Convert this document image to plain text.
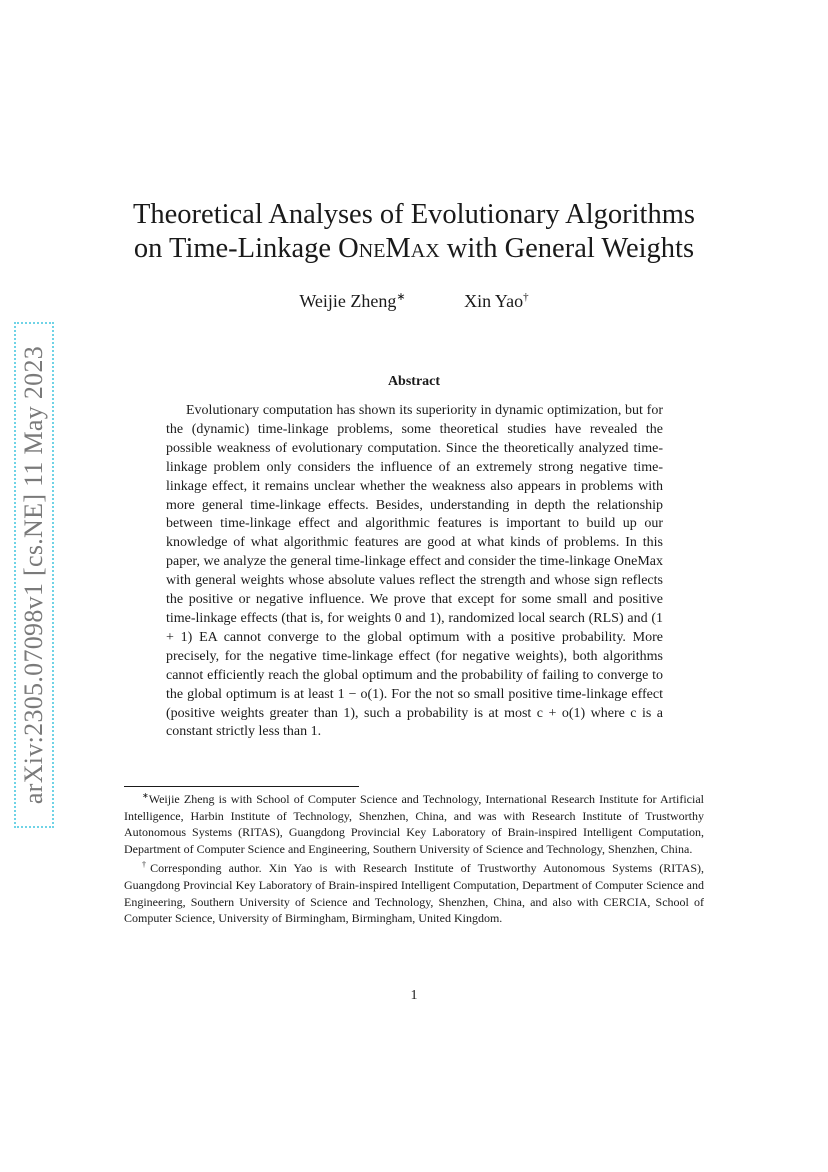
arXiv:2305.07098v1 [cs.NE] 11 May 2023
Theoretical Analyses of Evolutionary Algorithms
on Time-Linkage OneMax with General Weights
Weijie Zheng∗	Xin Yao†
Abstract

Evolutionary computation has shown its superiority in dynamic optimization, but for the (dynamic) time-linkage problems, some theoretical studies have revealed the possible weakness of evolutionary computation. Since the theoretically analyzed time-linkage problem only considers the influence of an extremely strong negative time-linkage effect, it remains unclear whether the weakness also appears in problems with more general time-linkage effects. Besides, understanding in depth the relationship between time-linkage effect and algorithmic features is important to build up our knowledge of what algorithmic features are good at what kinds of problems. In this paper, we analyze the general time-linkage effect and consider the time-linkage OneMax with general weights whose absolute values reflect the strength and whose sign reflects the positive or negative influence. We prove that except for some small and positive time-linkage effects (that is, for weights 0 and 1), randomized local search (RLS) and (1 + 1) EA cannot converge to the global optimum with a positive probability. More precisely, for the negative time-linkage effect (for negative weights), both algorithms cannot efficiently reach the global optimum and the probability of failing to converge to the global optimum is at least 1 − o(1). For the not so small positive time-linkage effect (positive weights greater than 1), such a probability is at most c + o(1) where c is a constant strictly less than 1.

∗Weijie Zheng is with School of Computer Science and Technology, International Research Institute for Artificial Intelligence, Harbin Institute of Technology, Shenzhen, China, and was with Research Institute of Trustworthy Autonomous Systems (RITAS), Guangdong Provincial Key Laboratory of Brain-inspired Intelligent Computation, Department of Computer Science and Engineering, Southern University of Science and Technology, Shenzhen, China.

†Corresponding author. Xin Yao is with Research Institute of Trustworthy Autonomous Systems (RITAS), Guangdong Provincial Key Laboratory of Brain-inspired Intelligent Computation, Department of Computer Science and Engineering, Southern University of Science and Technology, Shenzhen, China, and also with CERCIA, School of Computer Science, University of Birmingham, Birmingham, United Kingdom.

1
